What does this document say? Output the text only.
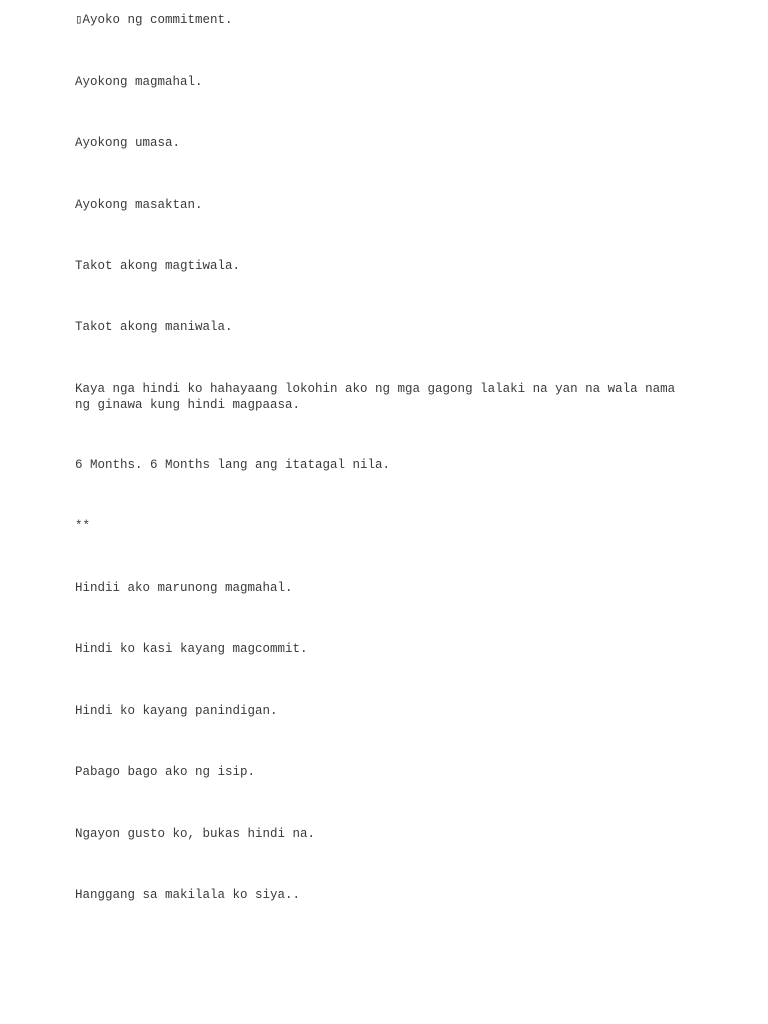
▯Ayoko ng commitment.

Ayokong magmahal.

Ayokong umasa.

Ayokong masaktan.

Takot akong magtiwala.

Takot akong maniwala.

Kaya nga hindi ko hahayaang lokohin ako ng mga gagong lalaki na yan na wala nama ng ginawa kung hindi magpaasa.

6 Months. 6 Months lang ang itatagal nila.

**

Hindii ako marunong magmahal.

Hindi ko kasi kayang magcommit.

Hindi ko kayang panindigan.

Pabago bago ako ng isip.

Ngayon gusto ko, bukas hindi na.

Hanggang sa makilala ko siya..
